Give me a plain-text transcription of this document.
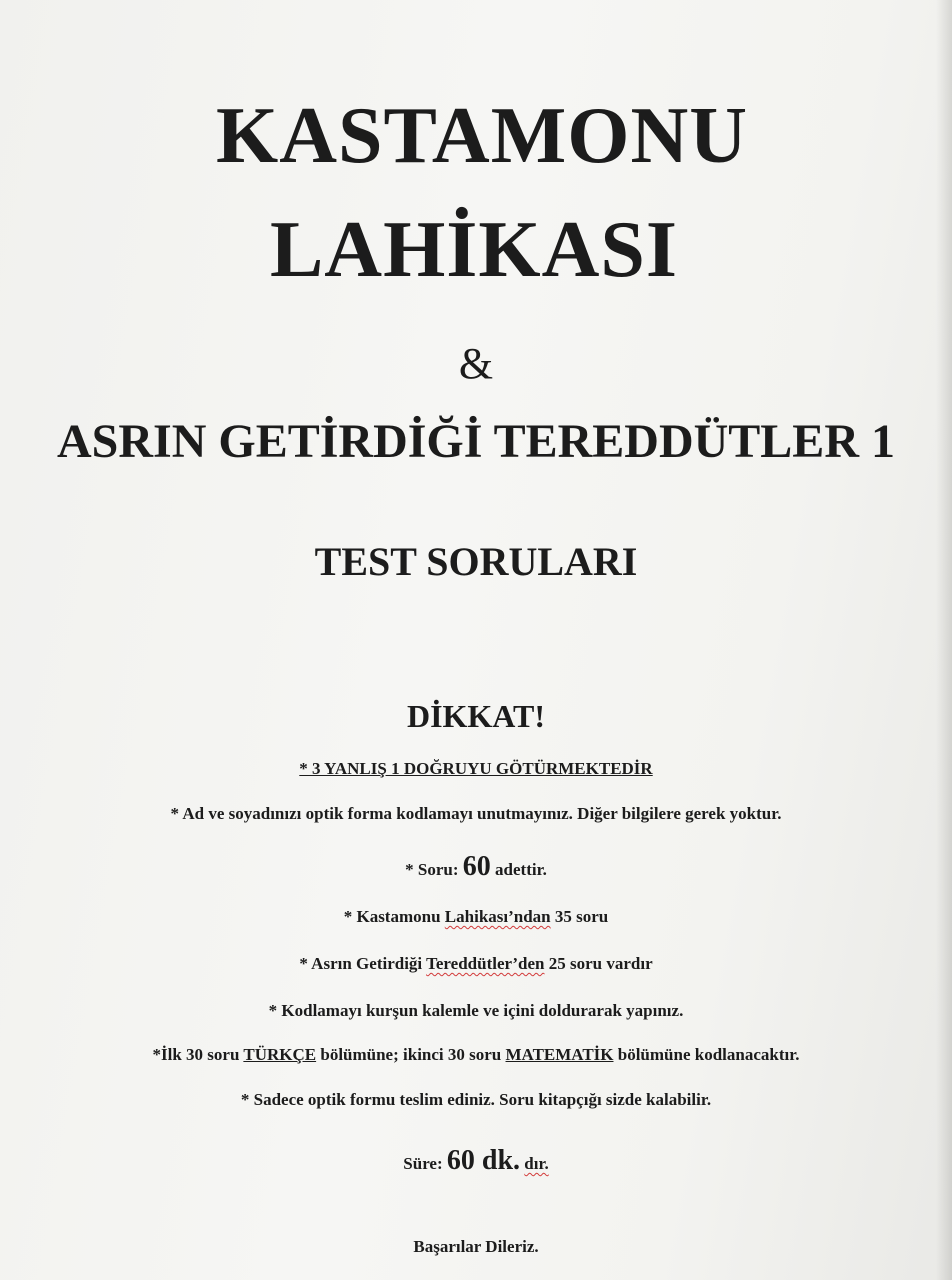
KASTAMONU
LAHİKASI
&
ASRIN GETİRDİĞİ TEREDDÜTLER 1
TEST SORULARI
DİKKAT!
* 3 YANLIŞ 1 DOĞRUYU GÖTÜRMEKTEDİR
* Ad ve soyadınızı optik forma kodlamayı unutmayınız. Diğer bilgilere gerek yoktur.
* Soru: 60 adettir.
* Kastamonu Lahikası’ndan 35 soru
* Asrın Getirdiği Tereddütler’den 25 soru vardır
* Kodlamayı kurşun kalemle ve içini doldurarak yapınız.
*İlk 30 soru TÜRKÇE bölümüne; ikinci 30 soru MATEMATİK bölümüne kodlanacaktır.
* Sadece optik formu teslim ediniz. Soru kitapçığı sizde kalabilir.
Süre: 60 dk. dır.
Başarılar Dileriz.
